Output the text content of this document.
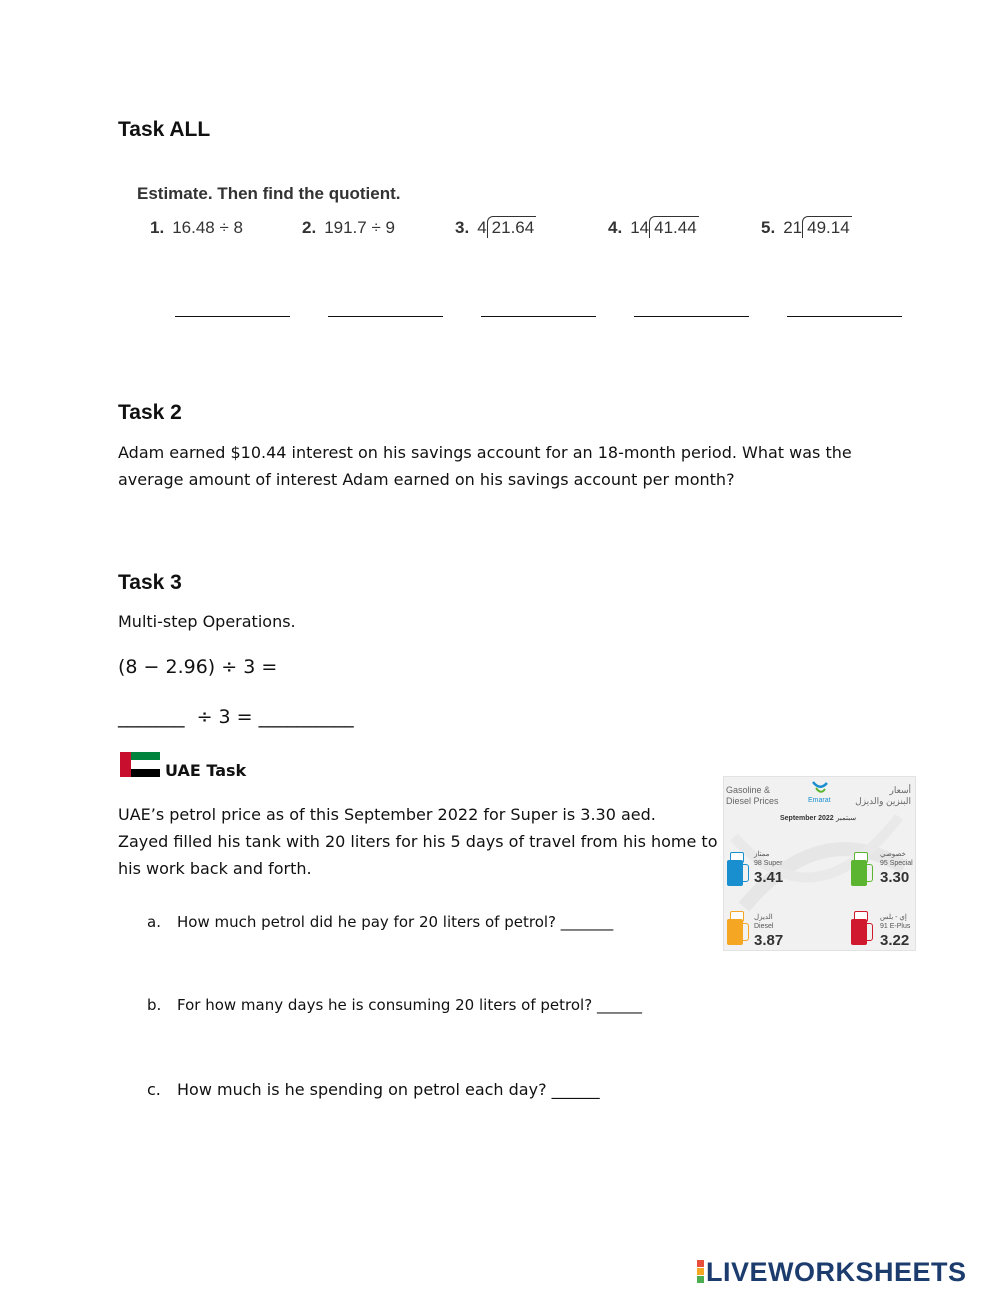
Task ALL
Estimate. Then find the quotient.
1. 16.48 ÷ 8	2. 191.7 ÷ 9	3. 4 21.64	4. 14 41.44	5. 21 49.14
Task 2
Adam earned $10.44 interest on his savings account for an 18-month period. What was the average amount of interest Adam earned on his savings account per month?
Task 3
Multi-step Operations.
(8 − 2.96) ÷ 3 =
_______  ÷ 3 = __________
UAE Task
UAE’s petrol price as of this September 2022 for Super is 3.30 aed.
Zayed filled his tank with 20 liters for his 5 days of travel from his home to
his work back and forth.
a. How much petrol did he pay for 20 liters of petrol? _______
b. For how many days he is consuming 20 liters of petrol? ______
c. How much is he spending on petrol each day? ______
Gasoline &
Diesel Prices
أسعار
البنزين والديزل
Emarat
September 2022 سبتمبر
ممتاز
98 Super
3.41
خصوصي
95 Special
3.30
الديزل
Diesel
3.87
إي - بلس
91 E-Plus
3.22
LIVEWORKSHEETS
